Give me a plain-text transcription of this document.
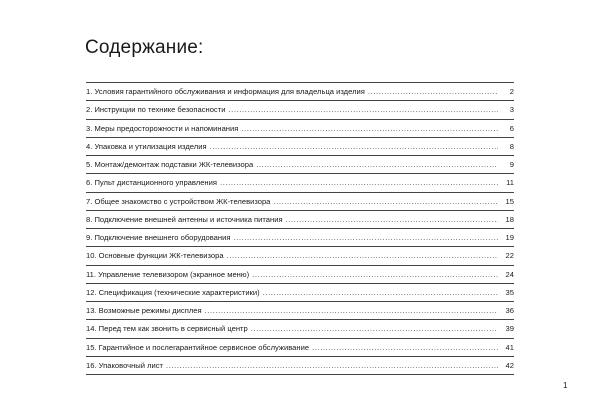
Содержание:
1. Условия гарантийного обслуживания и информация для владельца изделия .....	2
2. Инструкции по технике безопасности .....	3
3. Меры предосторожности и напоминания .....	6
4. Упаковка и утилизация изделия .....	8
5. Монтаж/демонтаж подставки ЖК-телевизора .....	9
6. Пульт дистанционного управления .....	11
7. Общее знакомство с устройством ЖК-телевизора .....	15
8. Подключение внешней антенны и источника питания .....	18
9. Подключение внешнего оборудования .....	19
10. Основные функции ЖК-телевизора .....	22
11. Управление телевизором (экранное меню) .....	24
12. Спецификация (технические характеристики) .....	35
13. Возможные режимы дисплея .....	36
14. Перед тем как звонить в сервисный центр .....	39
15. Гарантийное и послегарантийное сервисное обслуживание .....	41
16. Упаковочный лист .....	42
1
